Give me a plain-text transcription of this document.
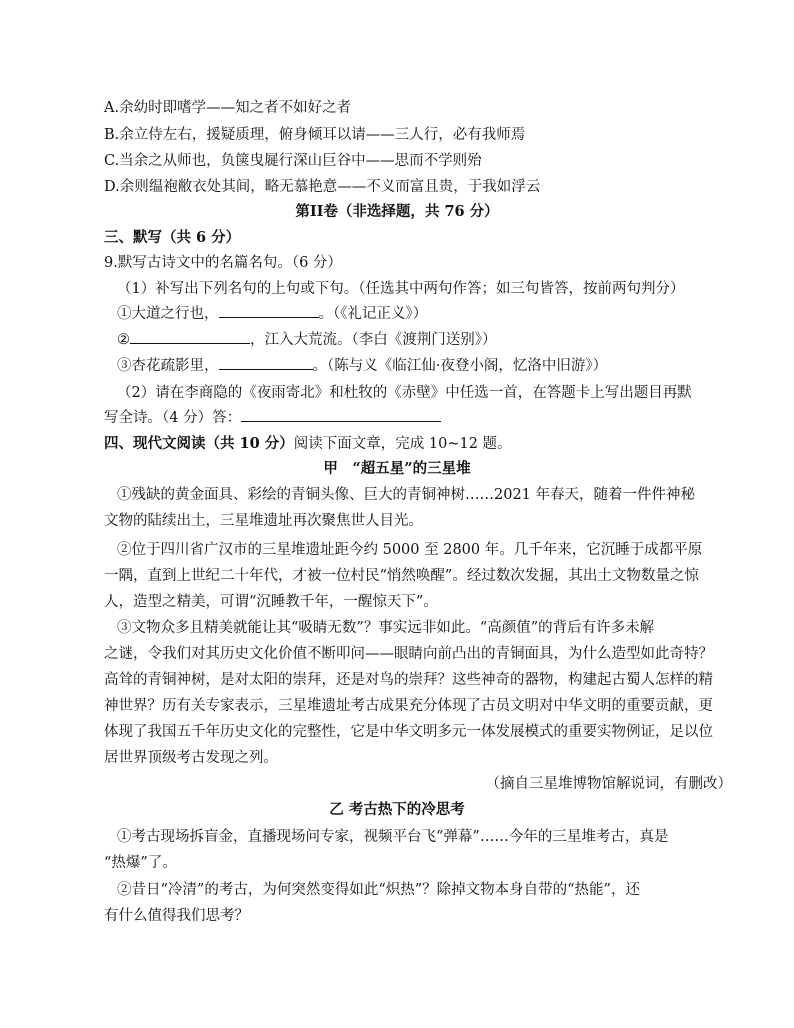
A.余幼时即嗜学——知之者不如好之者
B.余立侍左右，援疑质理，俯身倾耳以请——三人行，必有我师焉
C.当余之从师也，负箧曳屣行深山巨谷中——思而不学则殆
D.余则缊袍敝衣处其间，略无慕艳意——不义而富且贵，于我如浮云
第II卷（非选择题，共 76 分）
三、默写（共 6 分）
9.默写古诗文中的名篇名句。（6 分）
（1）补写出下列名句的上句或下句。（任选其中两句作答；如三句皆答，按前两句判分）
①大道之行也，	。（《礼记正义》）
②	，江入大荒流。（李白《渡荆门送别》）
③杏花疏影里，	。（陈与义《临江仙·夜登小阁，忆洛中旧游》）
（2）请在李商隐的《夜雨寄北》和杜牧的《赤壁》中任选一首，在答题卡上写出题目再默
写全诗。（4 分）答：
四、现代文阅读（共 10 分）阅读下面文章，完成 10~12 题。
甲　“超五星”的三星堆
①残缺的黄金面具、彩绘的青铜头像、巨大的青铜神树……2021 年春天，随着一件件神秘
文物的陆续出土，三星堆遗址再次聚焦世人目光。
②位于四川省广汉市的三星堆遗址距今约 5000 至 2800 年。几千年来，它沉睡于成都平原
一隅，直到上世纪二十年代，才被一位村民“悄然唤醒”。经过数次发掘，其出土文物数量之惊
人，造型之精美，可谓“沉睡教千年，一醒惊天下”。
③文物众多且精美就能让其“吸睛无数”？事实远非如此。“高颜值”的背后有许多未解
之谜，令我们对其历史文化价值不断叩问——眼睛向前凸出的青铜面具，为什么造型如此奇特？
高耸的青铜神树，是对太阳的崇拜，还是对鸟的崇拜？这些神奇的器物，构建起古蜀人怎样的精
神世界？历有关专家表示，三星堆遗址考古成果充分体现了古员文明对中华文明的重要贡献，更
体现了我国五千年历史文化的完整性，它是中华文明多元一体发展模式的重要实物例证，足以位
居世界顶级考古发现之列。
（摘自三星堆博物馆解说词，有删改）
乙 考古热下的冷思考
①考古现场拆盲金，直播现场问专家，视频平台飞“弹幕”……今年的三星堆考古，真是
“热爆”了。
②昔日“冷清”的考古，为何突然变得如此“炽热”？除掉文物本身自带的“热能”，还
有什么值得我们思考？
